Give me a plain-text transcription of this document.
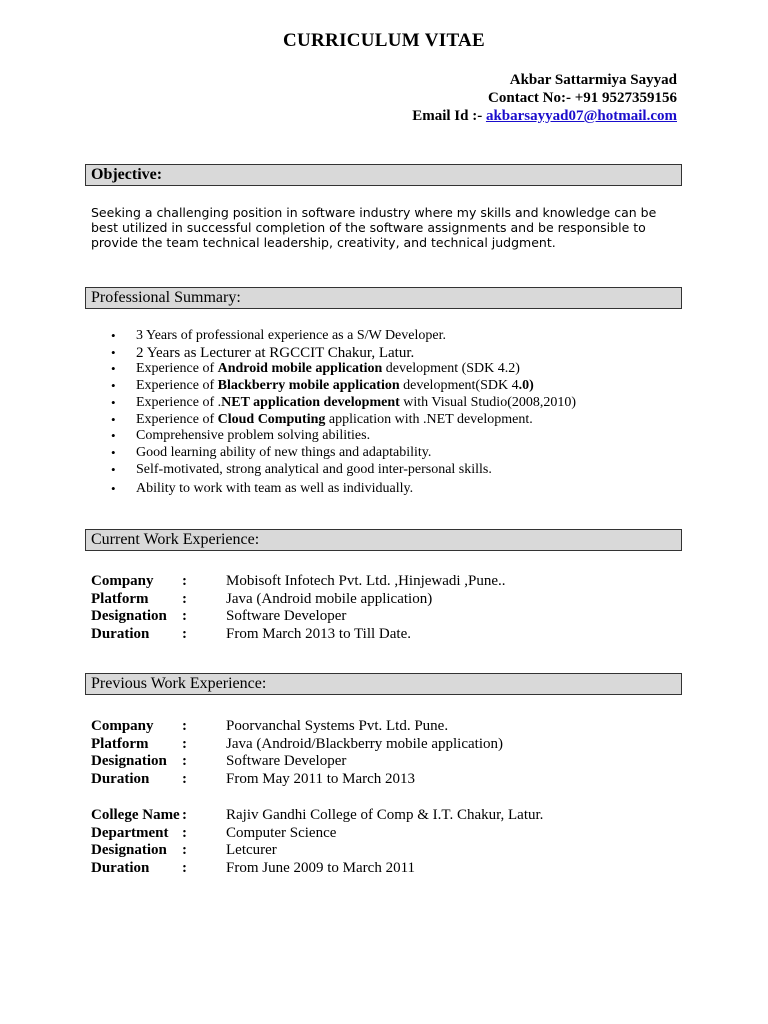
CURRICULUM VITAE
Akbar Sattarmiya Sayyad
Contact No:- +91 9527359156
Email Id :- akbarsayyad07@hotmail.com
Objective:
Seeking a challenging position in software industry where my skills and knowledge can be best utilized in successful completion of the software assignments and be responsible to provide the team technical leadership, creativity, and technical judgment.
Professional Summary:
• 3 Years of professional experience as a S/W Developer.
• 2 Years as Lecturer at RGCCIT Chakur, Latur.
• Experience of Android mobile application development (SDK 4.2)
• Experience of Blackberry mobile application development(SDK 4.0)
• Experience of .NET application development with Visual Studio(2008,2010)
• Experience of Cloud Computing application with .NET development.
• Comprehensive problem solving abilities.
• Good learning ability of new things and adaptability.
• Self-motivated, strong analytical and good inter-personal skills.
• Ability to work with team as well as individually.
Current Work Experience:
Company	:	Mobisoft Infotech Pvt. Ltd. ,Hinjewadi ,Pune..
Platform	:	Java (Android mobile application)
Designation	:	Software Developer
Duration	:	From March 2013 to Till Date.
Previous Work Experience:
Company	:	Poorvanchal Systems Pvt. Ltd. Pune.
Platform	:	Java (Android/Blackberry mobile application)
Designation	:	Software Developer
Duration	:	From May 2011 to March 2013
College Name :	Rajiv Gandhi College of Comp & I.T. Chakur, Latur.
Department :	Computer Science
Designation	:	Letcurer
Duration	:	From June 2009 to March 2011
